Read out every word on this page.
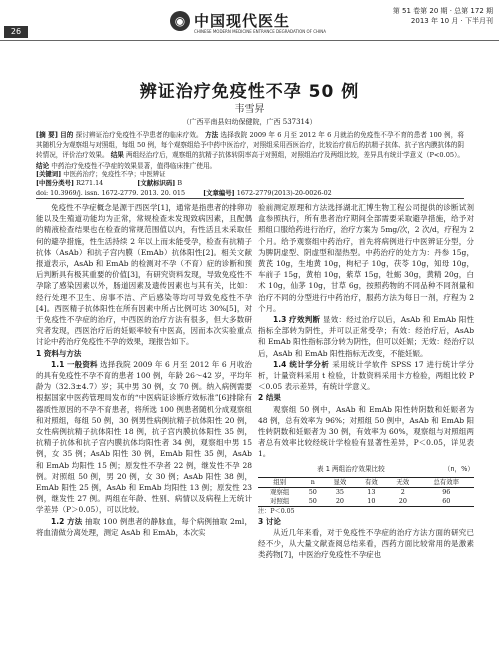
26
◉ 中国现代医生
CHINESE MODERN MEDICINE ENTRANCE DEGRADATION OF CHINA
第 51 卷第 20 期 · 总第 172 期
2013 年 10 月 · 下半月刊
辨证治疗免疫性不孕 50 例
韦雪昇
（广西平南县妇幼保健院，广西 537314）
[摘 要] 目的 探讨辨证治疗免疫性不孕患者的临床疗效。 方法 选择我院 2009 年 6 月至 2012 年 6 月就治的免疫性不孕不育的患者 100 例，将其随机分为观察组与对照组，每组 50 例，每个观察组给予中药中医治疗，对照组采用西医治疗，比较治疗前后的抗精子抗体、抗子宫内膜抗体的阴转情况，评价治疗效果。 结果 两组经治疗后，观察组的抗精子抗体转阴率高于对照组，对照组治疗及两组比较，差异具有统计学意义（P<0.05）。 结论 中药治疗免疫性不孕症的效果显著，值得临床推广使用。
[关键词] 中医药治疗；免疫性不孕；中医辨证
[中图分类号] R271.14	[文献标识码] B
doi: 10.3969/j. issn. 1672-2779. 2013. 20. 015	[文章编号] 1672-2779(2013)-20-0026-02

免疫性不孕症概念是源于西医学[1]，通常是指患者的排卵功能以及生殖道功能均为正常，常规检查未发现致病因素，且配偶的精液检查结果也在检查的常规范围值以内，有性活且未采取任何的避孕措施，性生活持续 2 年以上而未能受孕，检查有抗精子抗体（AsAb）和抗子宫内膜（EmAb）抗体阳性[2]。相关文献报道表示，AsAb 和 EmAb 的检测对不孕（不育）症的诊断和预后判断具有极其重要的价值[3]，有研究资料发现，导致免疫性不孕除了感染因素以外，肠道因素及遗传因素也与其有关，比如：经行处理不卫生、房事不洁、产后感染等均可导致免疫性不孕[4]。西医精子抗体阳性在所有因素中所占比例可达 30%[5]，对于免疫性不孕症的治疗，中西医的治疗方法有很多，但大多数研究者发现，西医治疗后的妊娠率较有中医高，因而本次实验重点讨论中药治疗免疫性不孕的效果，现报告如下。

1 资料与方法

1.1 一般资料 选择我院 2009 年 6 月至 2012 年 6 月收治的具有免疫性不孕不育的患者 100 例，年龄 26～42 岁，平均年龄为（32.3±4.7）岁；其中男 30 例，女 70 例。纳入病例需要根据国家中医药管理局发布的“中医病证诊断疗效标准”[6]排除有器质性原因的不孕不育患者，将所选 100 例患者随机分成观察组和对照组，每组 50 例，30 例男性病例抗精子抗体阳性 20 例，女性病例抗精子抗体阳性 18 例，抗子宫内膜抗体阳性 35 例，抗精子抗体和抗子宫内膜抗体均阳性者 34 例，观察组中男 15 例，女 35 例；AsAb 阳性 30 例，EmAb 阳性 35 例，AsAb 和 EmAb 均阳性 15 例；原发性不孕者 22 例，继发性不孕 28 例。对照组 50 例，男 20 例，女 30 例；AsAb 阳性 38 例，EmAb 阳性 25 例，AsAb 和 EmAb 均阳性 13 例；原发性 23 例，继发性 27 例。两组在年龄、性别、病情以及病程上无统计学差异（P＞0.05），可以比较。

1.2 方法 抽取 100 例患者的静脉血，每个病例抽取 2ml，将血清做分离处理，测定 AsAb 和 EmAb，本次实

验前测定原理和方法选择湖北汇博生物工程公司提供的诊断试剂盒参照执行，所有患者治疗期间全部需要采取避孕措施，给予对照组口服给药进行治疗，治疗方案为 5mg/次，2 次/d，疗程为 2 个月。给予观察组中药治疗，首先将病例进行中医辨证分型，分为脾阴虚型、阴虚型和湿热型。中药治疗的处方为：丹参 15g，黄芪 10g，生地黄 10g，枸杞子 10g，茯苓 10g，知母 10g，车前子 15g，黄柏 10g，紫草 15g，牡蛎 30g，黄精 20g，白术 10g，仙茅 10g，甘草 6g，按照药物的不同品种不同剂量和治疗不同的分型进行中药治疗，服药方法为每日一剂，疗程为 2 个月。

1.3 疗效判断 显效：经过治疗以后，AsAb 和 EmAb 阳性指标全部转为阴性，并可以正常受孕；有效：经治疗后，AsAb 和 EmAb 阳性指标部分转为阴性，但可以妊娠；无效：经治疗以后，AsAb 和 EmAb 阳性指标无改变，不能妊娠。

1.4 统计学分析 采用统计学软件 SPSS 17 进行统计学分析，计量资料采用 t 检验，计数资料采用卡方检验，两组比较 P＜0.05 表示差异，有统计学意义。

2 结果

观察组 50 例中，AsAb 和 EmAb 阳性转阴数和妊娠者为 48 例，总有效率为 96%；对照组 50 例中，AsAb 和 EmAb 阳性转阴数和妊娠者为 30 例，有效率为 60%，观察组与对照组两者总有效率比较经统计学检验有显著性差异，P＜0.05，详见表 1。

表 1 两组治疗效果比较	（n，%）
组别	n	显效	有效	无效	总有效率
观察组	50	35	13	2	96
对照组	50	20	10	20	60

注：P＜0.05

3 讨论

从近几年来看，对于免疫性不孕症的治疗方法方面的研究已经不少，从大量文献查阅总结来看，西药方面比较常用的是激素类药物[7]，中医治疗免疫性不孕症也
